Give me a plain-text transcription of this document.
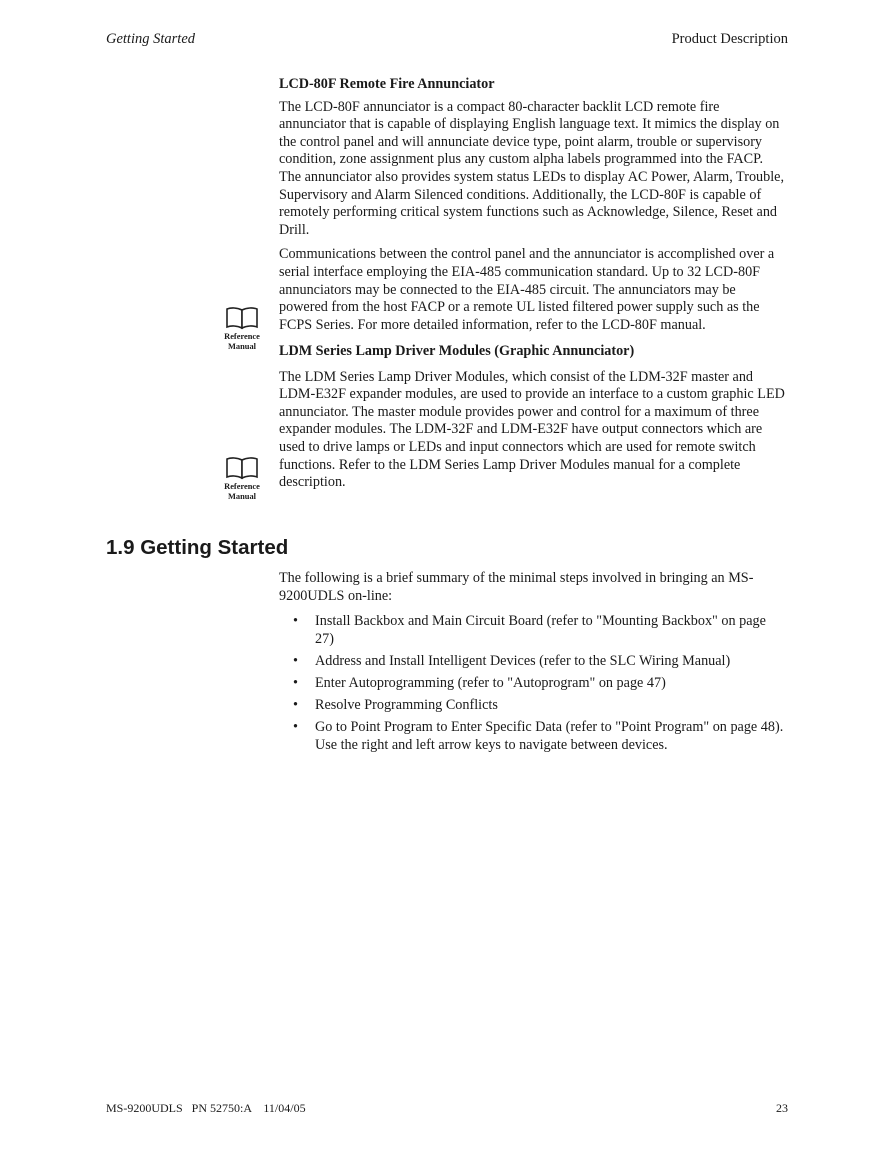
Getting Started	Product Description

LCD-80F Remote Fire Annunciator

The LCD-80F annunciator is a compact 80-character backlit LCD remote fire annunciator that is capable of displaying English language text. It mimics the display on the control panel and will annunciate device type, point alarm, trouble or supervisory condition, zone assignment plus any custom alpha labels programmed into the FACP. The annunciator also provides system status LEDs to display AC Power, Alarm, Trouble, Supervisory and Alarm Silenced conditions. Additionally, the LCD-80F is capable of remotely performing critical system functions such as Acknowledge, Silence, Reset and Drill.

Communications between the control panel and the annunciator is accomplished over a serial interface employing the EIA-485 communication standard. Up to 32 LCD-80F annunciators may be connected to the EIA-485 circuit. The annunciators may be powered from the host FACP or a remote UL listed filtered power supply such as the FCPS Series. For more detailed information, refer to the LCD-80F manual.

LDM Series Lamp Driver Modules (Graphic Annunciator)

The LDM Series Lamp Driver Modules, which consist of the LDM-32F master and LDM-E32F expander modules, are used to provide an interface to a custom graphic LED annunciator. The master module provides power and control for a maximum of three expander modules. The LDM-32F and LDM-E32F have output connectors which are used to drive lamps or LEDs and input connectors which are used for remote switch functions. Refer to the LDM Series Lamp Driver Modules manual for a complete description.

Reference
Manual
Reference
Manual
1.9 Getting Started

The following is a brief summary of the minimal steps involved in bringing an MS-9200UDLS on-line:

• Install Backbox and Main Circuit Board (refer to "Mounting Backbox" on page 27)
• Address and Install Intelligent Devices (refer to the SLC Wiring Manual)
• Enter Autoprogramming (refer to "Autoprogram" on page 47)
• Resolve Programming Conflicts
• Go to Point Program to Enter Specific Data (refer to "Point Program" on page 48). Use the right and left arrow keys to navigate between devices.
MS-9200UDLS   PN 52750:A    11/04/05	23
